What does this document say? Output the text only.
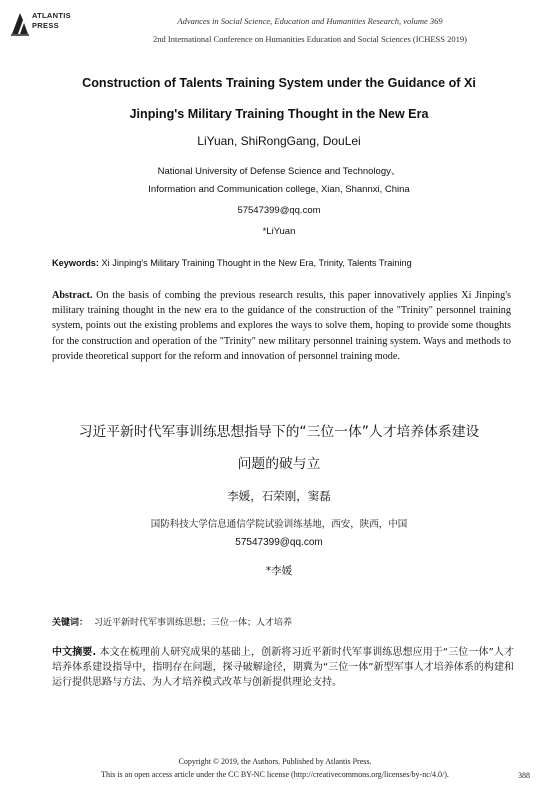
ATLANTIS
PRESS	Advances in Social Science, Education and Humanities Research, volume 369
2nd International Conference on Humanities Education and Social Sciences (ICHESS 2019)
Construction of Talents Training System under the Guidance of Xi
Jinping's Military Training Thought in the New Era
LiYuan, ShiRongGang, DouLei
National University of Defense Science and Technology、
Information and Communication college, Xian, Shannxi, China
57547399@qq.com
*LiYuan
Keywords: Xi Jinping's Military Training Thought in the New Era, Trinity, Talents Training
Abstract. On the basis of combing the previous research results, this paper innovatively applies Xi Jinping's military training thought in the new era to the guidance of the construction of the "Trinity" personnel training system, points out the existing problems and explores the ways to solve them, hoping to provide some thoughts for the construction and operation of the "Trinity" new military personnel training system. Ways and methods to provide theoretical support for the reform and innovation of personnel training mode.
习近平新时代军事训练思想指导下的“三位一体”人才培养体系建设
问题的破与立
李媛，石荣刚，窦磊
国防科技大学信息通信学院试验训练基地，西安，陕西，中国
57547399@qq.com
*李媛
关键词： 习近平新时代军事训练思想；三位一体；人才培养
中文摘要. 本文在梳理前人研究成果的基础上，创新将习近平新时代军事训练思想应用于“三位一体”人才培养体系建设指导中，指明存在问题，探寻破解途径，期冀为“三位一体”新型军事人才培养体系的构建和运行提供思路与方法、为人才培养模式改革与创新提供理论支持。
Copyright © 2019, the Authors. Published by Atlantis Press.
This is an open access article under the CC BY-NC license (http://creativecommons.org/licenses/by-nc/4.0/).	388
